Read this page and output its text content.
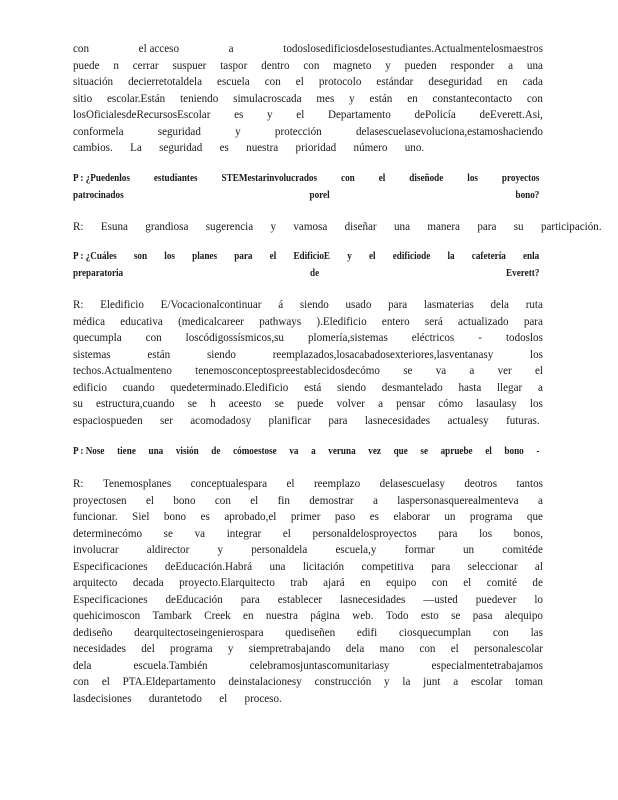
con	el acceso	a	todoslosedificiosdelosestudiantes.Actualmentelosmaestros
puede n cerrar suspuer taspor dentro con magneto y pueden responder a una
situación decierretotaldela escuela con el protocolo estándar deseguridad en cada
sitio escolar.Están teniendo simulacroscada mes y están en constantecontacto con
losOficialesdeRecursosEscolar es y el Departamento dePolicía deEverett.Asi,
conformela	seguridad	y	protección	delasescuelasevoluciona,estamoshaciendo
cambios.
La
seguridad
es
nuestra
prioridad
número
uno.

P : ¿Puedenlos estudiantes STEMestarinvolucrados con el diseñode los proyectos
patrocinados	porel	bono?
R:
Esuna
grandiosa
sugerencia
y
vamosa
diseñar
una
manera
para
su
participación.

P : ¿Cuáles son los planes para el EdificioE y el edificiode la cafetería enla
preparatoria	de	Everett?
R: Eledificio E/Vocacionalcontinuar á siendo usado para lasmaterias dela ruta
médica educativa (medicalcareer pathways ).Eledificio entero será actualizado para
quecumpla con loscódigossísmicos,su plomería,sistemas eléctricos - todoslos
sistemas	están	siendo	reemplazados,losacabadosexteriores,lasventanasy	los
techos.Actualmenteno tenemosconceptospreestablecidosdecómo se va a ver el
edificio cuando quedeterminado.Eledificio está siendo desmantelado hasta llegar a
su estructura,cuando se h aceesto se puede volver a pensar cómo lasaulasy los
espaciospueden
ser
acomodadosy
planificar
para
lasnecesidades
actualesy
futuras.

P : Nose tiene una visión de cómoestose va a veruna vez que se apruebe el bono -
R: Tenemosplanes conceptualespara el reemplazo delasescuelasy deotros tantos
proyectosen el bono con el fin demostrar a laspersonasquerealmenteva a
funcionar. Siel bono es aprobado,el primer paso es elaborar un programa que
determinecómo se va integrar el personaldelosproyectos para los bonos,
involucrar	aldirector	y	personaldela	escuela,y	formar	un	comitéde
Especificaciones deEducación.Habrá una licitación competitiva para seleccionar al
arquitecto decada proyecto.Elarquitecto trab ajará en equipo con el comité de
Especificaciones deEducación para establecer lasnecesidades —usted puedever lo
quehicimoscon Tambark Creek en nuestra página web. Todo esto se pasa alequipo
dediseño dearquitectoseingenierospara quediseñen edifi ciosquecumplan con las
necesidades del programa y siempretrabajando dela mano con el personalescolar
dela	escuela.También	celebramosjuntascomunitariasy	especialmentetrabajamos
con el PTA.Eldepartamento deinstalacionesy construcción y la junt a escolar toman
lasdecisiones
durantetodo
el
proceso.
